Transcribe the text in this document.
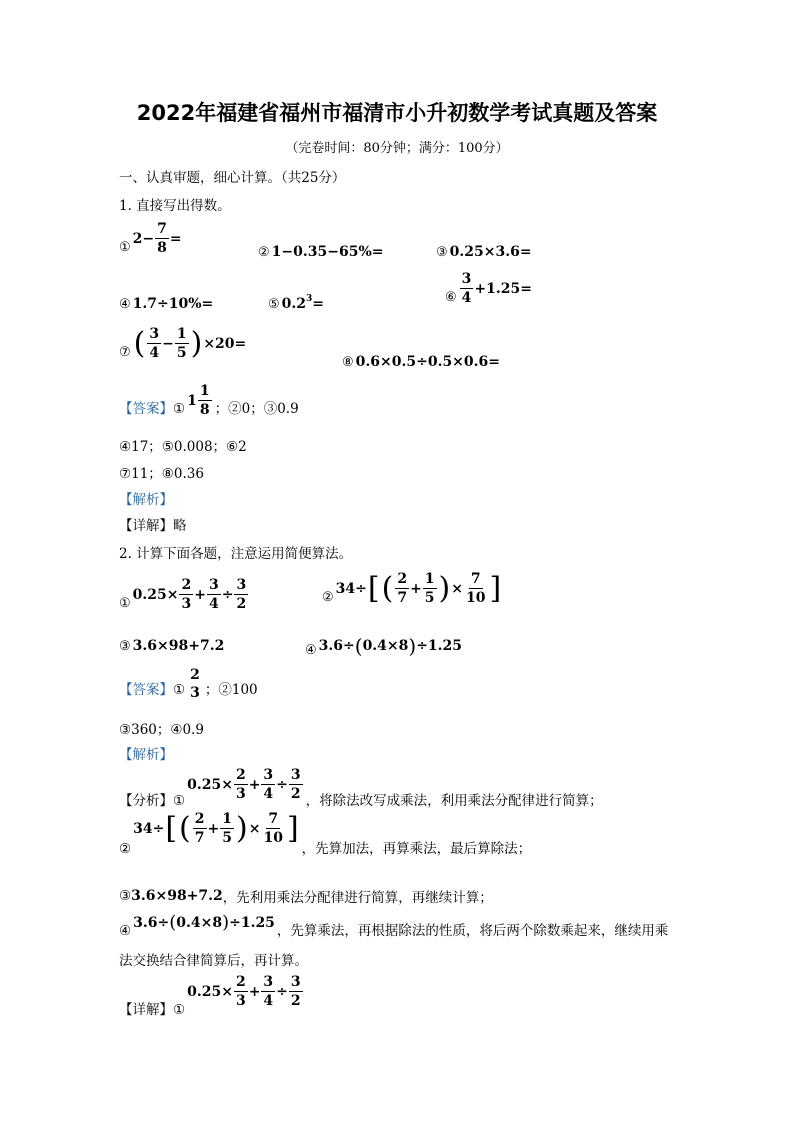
2022年福建省福州市福清市小升初数学考试真题及答案
（完卷时间：80分钟；满分：100分）
一、认真审题，细心计算。（共25分）
1. 直接写出得数。
①
$2- \frac{7}{8}$ =
② 1−0.35−65%=	③ 0.25×3.6=
④ 1.7÷10%=	⑤ 0.2 3 =	⑥ $\frac{3}{4} +1.25=$
⑦ ( $\frac{3}{4} - \frac{1}{5}$ ) ×20=
⑧ 0.6×0.5÷0.5×0.6=
【答案】 ①
$1 \frac{1}{8}$ ；②0；③0.9
④17；⑤0.008；⑥2
⑦11；⑧0.36
【解析】
【详解】略
2. 计算下面各题，注意运用简便算法。
①
$0.25\times \frac{2}{3} + \frac{3}{4} \div \frac{3}{2}$	②
34÷ [ ( $\frac{2}{7} + \frac{1}{5}$ ) × $\frac{7}{10}$ ]
③ 3.6×98+7.2	④ 3.6÷ ( 0.4×8 ) ÷1.25
【答案】 ①
2
3 ；②100
③360；④0.9
【解析】
【分析】 ①
$0.25\times \frac{2}{3} + \frac{3}{4} \div \frac{3}{2}$ ，将除法改写成乘法，利用乘法分配律进行简算；
②
34÷ [ ( $\frac{2}{7} + \frac{1}{5}$ ) × $\frac{7}{10}$ ]
，先算加法，再算乘法，最后算除法；
③ 3.6×98+7.2 ，先利用乘法分配律进行简算，再继续计算；
④
3.6÷ ( 0.4×8 ) ÷1.25
，先算乘法，再根据除法的性质，将后两个除数乘起来，继续用乘
法交换结合律简算后，再计算。
【详解】 ①
$0.25\times \frac{2}{3} + \frac{3}{4} \div \frac{3}{2}$
